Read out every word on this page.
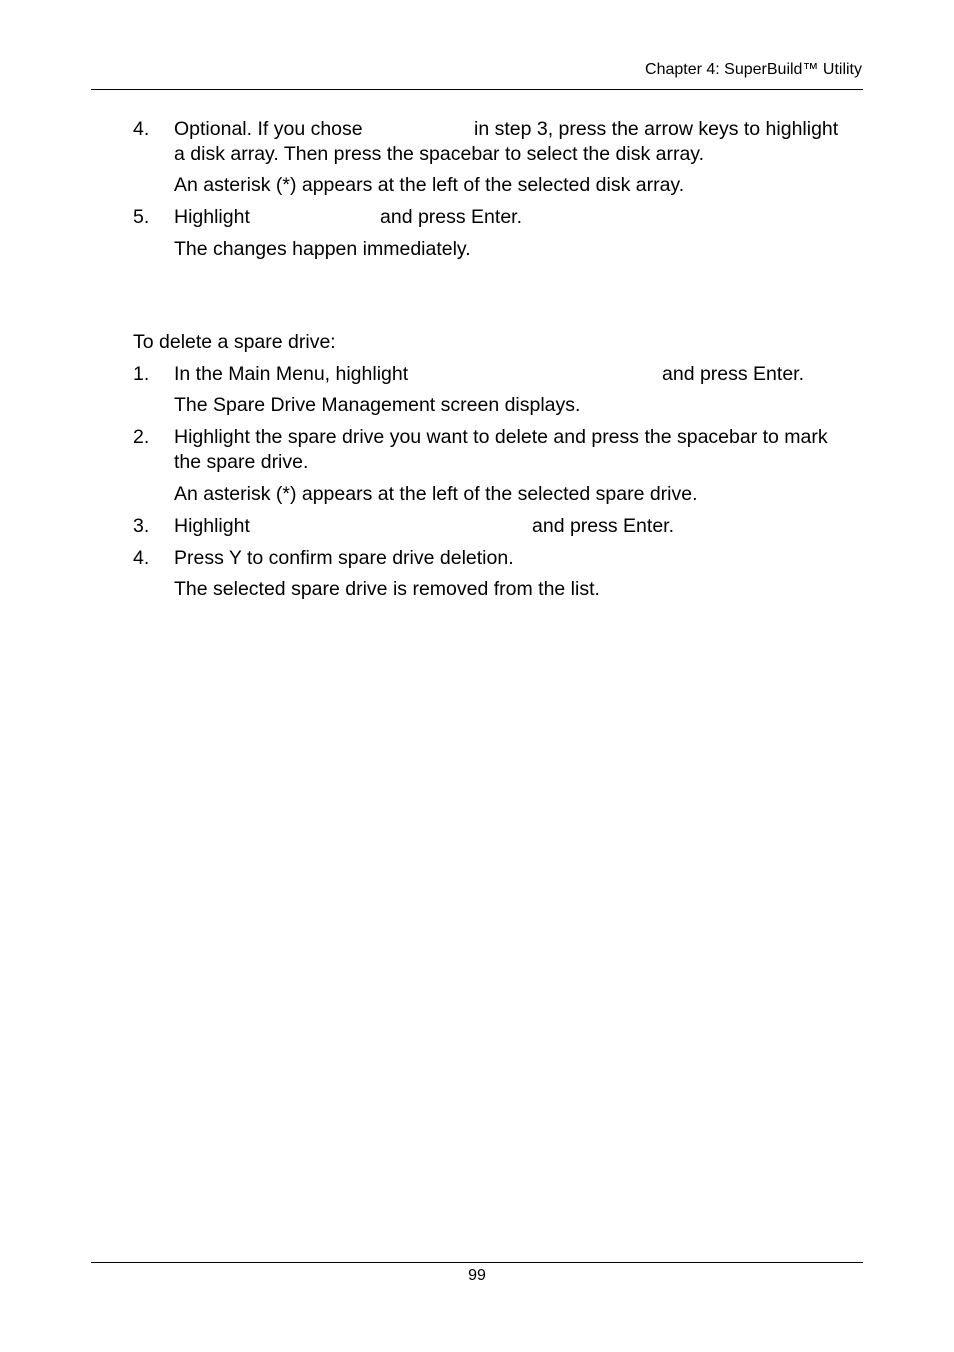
Chapter 4: SuperBuild™ Utility
4. Optional. If you chose	in step 3, press the arrow keys to highlight
a disk array. Then press the spacebar to select the disk array.
An asterisk (*) appears at the left of the selected disk array.
5. Highlight	and press Enter.
The changes happen immediately.
To delete a spare drive:
1. In the Main Menu, highlight	and press Enter.
The Spare Drive Management screen displays.
2. Highlight the spare drive you want to delete and press the spacebar to mark
the spare drive.
An asterisk (*) appears at the left of the selected spare drive.
3. Highlight	and press Enter.
4. Press Y to confirm spare drive deletion.
The selected spare drive is removed from the list.
99
